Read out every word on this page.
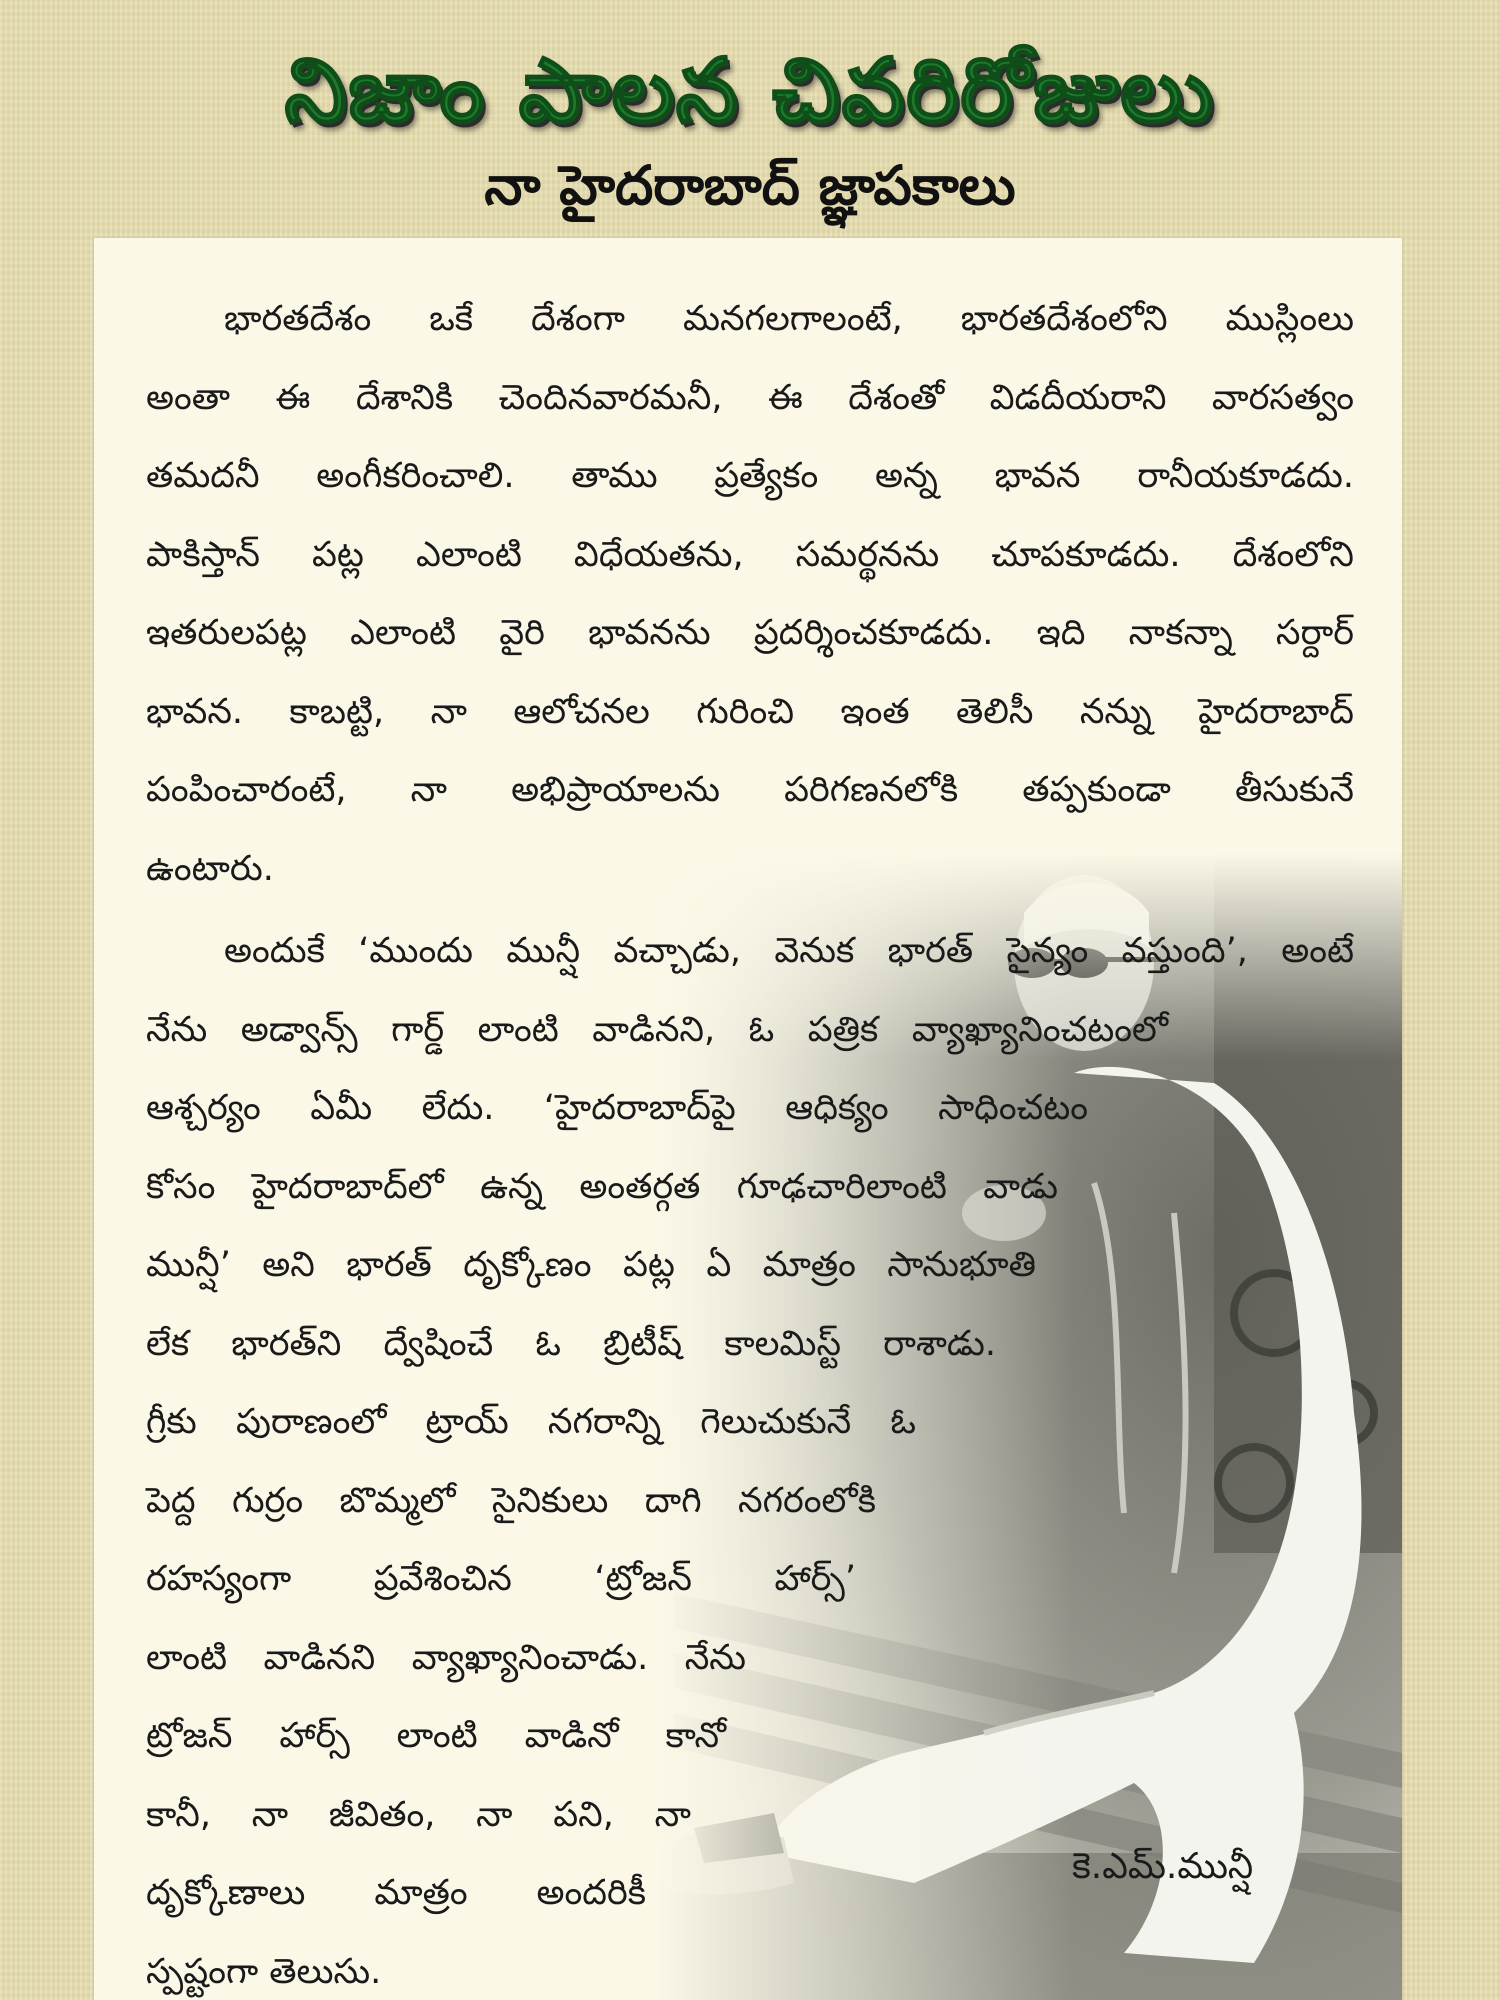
నిజాం పాలన చివరిరోజులు
నా హైదరాబాద్ జ్ఞాపకాలు
భారతదేశం ఒకే దేశంగా మనగలగాలంటే, భారతదేశంలోని ముస్లింలు
అంతా ఈ దేశానికి చెందినవారమనీ, ఈ దేశంతో విడదీయరాని వారసత్వం
తమదనీ అంగీకరించాలి. తాము ప్రత్యేకం అన్న భావన రానీయకూడదు.
పాకిస్తాన్ పట్ల ఎలాంటి విధేయతను, సమర్థనను చూపకూడదు. దేశంలోని
ఇతరులపట్ల ఎలాంటి వైరి భావనను ప్రదర్శించకూడదు. ఇది నాకన్నా సర్దార్
భావన. కాబట్టి, నా ఆలోచనల గురించి ఇంత తెలిసీ నన్ను హైదరాబాద్
పంపించారంటే, నా అభిప్రాయాలను పరిగణనలోకి తప్పకుండా తీసుకునే
ఉంటారు.
అందుకే ‘ముందు మున్షీ వచ్చాడు, వెనుక భారత్ సైన్యం వస్తుంది’, అంటే
నేను అడ్వాన్స్ గార్డ్ లాంటి వాడినని, ఓ పత్రిక వ్యాఖ్యానించటంలో
ఆశ్చర్యం ఏమీ లేదు. ‘హైదరాబాద్‌పై ఆధిక్యం సాధించటం
కోసం హైదరాబాద్‌లో ఉన్న అంతర్గత గూఢచారిలాంటి వాడు
మున్షీ’ అని భారత్ దృక్కోణం పట్ల ఏ మాత్రం సానుభూతి
లేక భారత్‌ని ద్వేషించే ఓ బ్రిటీష్ కాలమిస్ట్ రాశాడు.
గ్రీకు పురాణంలో ట్రాయ్ నగరాన్ని గెలుచుకునే ఓ
పెద్ద గుర్రం బొమ్మలో సైనికులు దాగి నగరంలోకి
రహస్యంగా ప్రవేశించిన ‘ట్రోజన్ హార్స్’
లాంటి వాడినని వ్యాఖ్యానించాడు. నేను
ట్రోజన్ హార్స్ లాంటి వాడినో కానో
కానీ, నా జీవితం, నా పని, నా
దృక్కోణాలు మాత్రం అందరికీ
స్పష్టంగా తెలుసు.
కె.ఎమ్.మున్షీ
